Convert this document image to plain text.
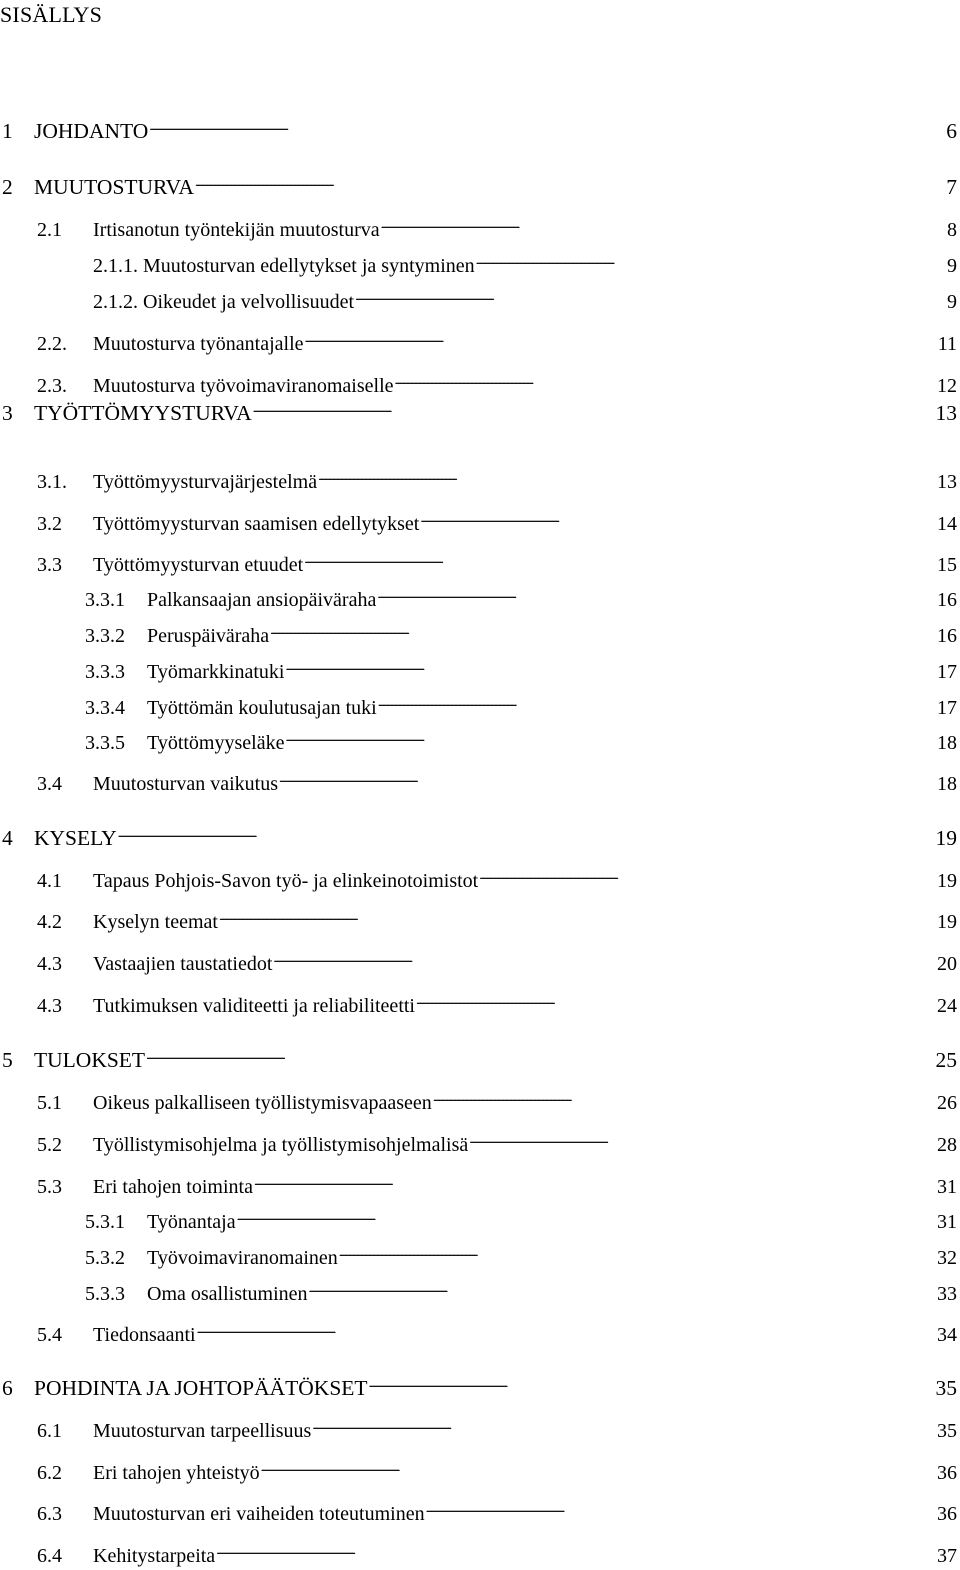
SISÄLLYS
1 JOHDANTO . . .	6
2 MUUTOSTURVA . . .	7
2.1	Irtisanotun työntekijän muutosturva . . .	8
2.1.1. Muutosturvan edellytykset ja syntyminen . . .	9
2.1.2. Oikeudet ja velvollisuudet . . .	9
2.2.	Muutosturva työnantajalle . . .	11
2.3.	Muutosturva työvoimaviranomaiselle . . .	12
3 TYÖTTÖMYYSTURVA . . .	13
3.1.	Työttömyysturvajärjestelmä . . .	13
3.2	Työttömyysturvan saamisen edellytykset . . .	14
3.3	Työttömyysturvan etuudet . . .	15
3.3.1	Palkansaajan ansiopäiväraha . . .	16
3.3.2	Peruspäiväraha . . .	16
3.3.3	Työmarkkinatuki . . .	17
3.3.4	Työttömän koulutusajan tuki . . .	17
3.3.5	Työttömyyseläke . . .	18
3.4	Muutosturvan vaikutus . . .	18
4 KYSELY . . .	19
4.1	Tapaus Pohjois-Savon työ- ja elinkeinotoimistot . . .	19
4.2	Kyselyn teemat . . .	19
4.3	Vastaajien taustatiedot . . .	20
4.3	Tutkimuksen validiteetti ja reliabiliteetti . . .	24
5 TULOKSET . . .	25
5.1	Oikeus palkalliseen työllistymisvapaaseen . . .	26
5.2	Työllistymisohjelma ja työllistymisohjelmalisä . . .	28
5.3	Eri tahojen toiminta . . .	31
5.3.1	Työnantaja . . .	31
5.3.2	Työvoimaviranomainen . . .	32
5.3.3	Oma osallistuminen . . .	33
5.4	Tiedonsaanti . . .	34
6 POHDINTA JA JOHTOPÄÄTÖKSET . . .	35
6.1	Muutosturvan tarpeellisuus . . .	35
6.2	Eri tahojen yhteistyö . . .	36
6.3	Muutosturvan eri vaiheiden toteutuminen . . .	36
6.4	Kehitystarpeita . . .	37
